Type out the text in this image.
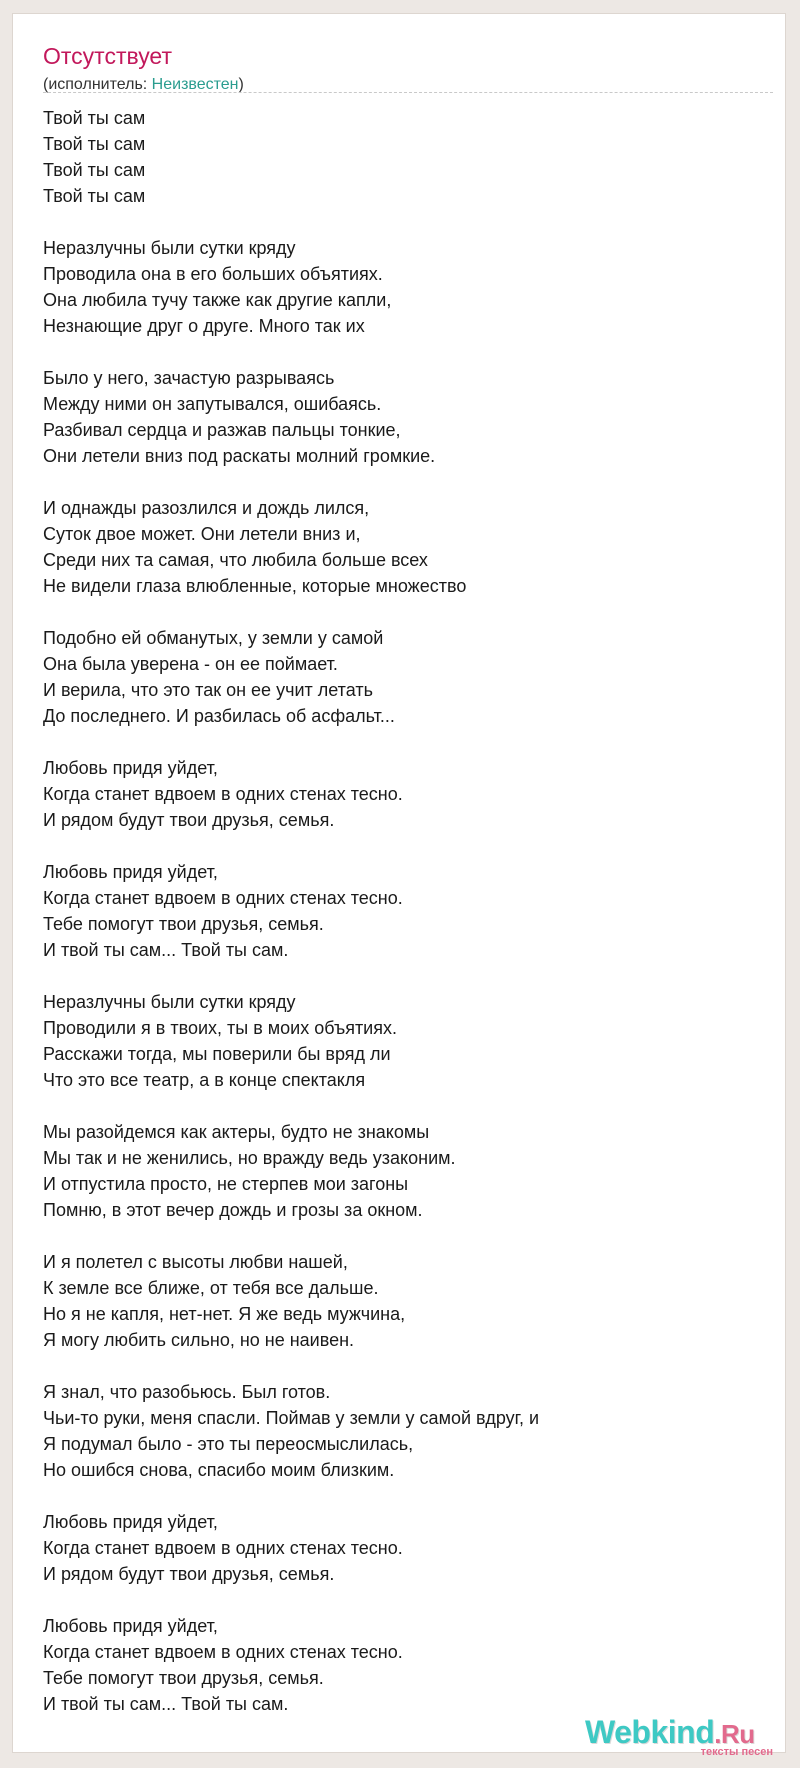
Отсутствует
(исполнитель: Неизвестен)
Твой ты сам
Твой ты сам
Твой ты сам
Твой ты сам
Неразлучны были сутки кряду
Проводила она в его больших объятиях.
Она любила тучу также как другие капли,
Незнающие друг о друге. Много так их
Было у него, зачастую разрываясь
Между ними он запутывался, ошибаясь.
Разбивал сердца и разжав пальцы тонкие,
Они летели вниз под раскаты молний громкие.
И однажды разозлился и дождь лился,
Суток двое может. Они летели вниз и,
Среди них та самая, что любила больше всех
Не видели глаза влюбленные, которые множество
Подобно ей обманутых, у земли у самой
Она была уверена - он ее поймает.
И верила, что это так он ее учит летать
До последнего. И разбилась об асфальт...
Любовь придя уйдет,
Когда станет вдвоем в одних стенах тесно.
И рядом будут твои друзья, семья.
Любовь придя уйдет,
Когда станет вдвоем в одних стенах тесно.
Тебе помогут твои друзья, семья.
И твой ты сам... Твой ты сам.
Неразлучны были сутки кряду
Проводили я в твоих, ты в моих объятиях.
Расскажи тогда, мы поверили бы вряд ли
Что это все театр, а в конце спектакля
Мы разойдемся как актеры, будто не знакомы
Мы так и не женились, но вражду ведь узаконим.
И отпустила просто, не стерпев мои загоны
Помню, в этот вечер дождь и грозы за окном.
И я полетел с высоты любви нашей,
К земле все ближе, от тебя все дальше.
Но я не капля, нет-нет. Я же ведь мужчина,
Я могу любить сильно, но не наивен.
Я знал, что разобьюсь. Был готов.
Чьи-то руки, меня спасли. Поймав у земли у самой вдруг, и
Я подумал было - это ты переосмыслилась,
Но ошибся снова, спасибо моим близким.
Любовь придя уйдет,
Когда станет вдвоем в одних стенах тесно.
И рядом будут твои друзья, семья.
Любовь придя уйдет,
Когда станет вдвоем в одних стенах тесно.
Тебе помогут твои друзья, семья.
И твой ты сам... Твой ты сам.
Webkind.Ru
тексты песен
